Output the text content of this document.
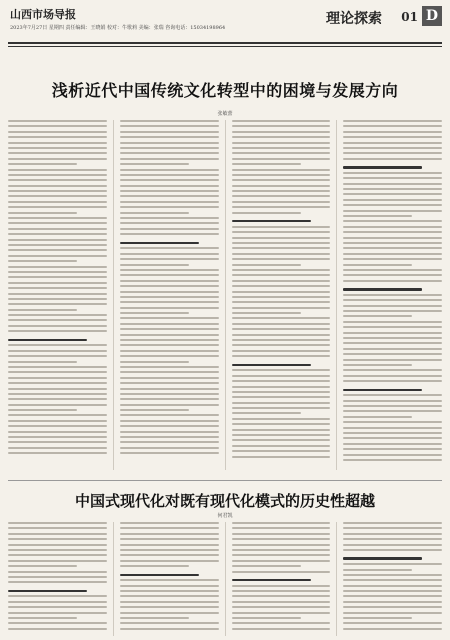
山西市场导报
2023年7月27日 星期四 责任编辑：王晓娟 校对：牛歌莉 美编：张瑞 咨询电话：15034198964
理论探索 01 D
浅析近代中国传统文化转型中的困境与发展方向
张敏蕾
中国式现代化对既有现代化模式的历史性超越
何君凯
